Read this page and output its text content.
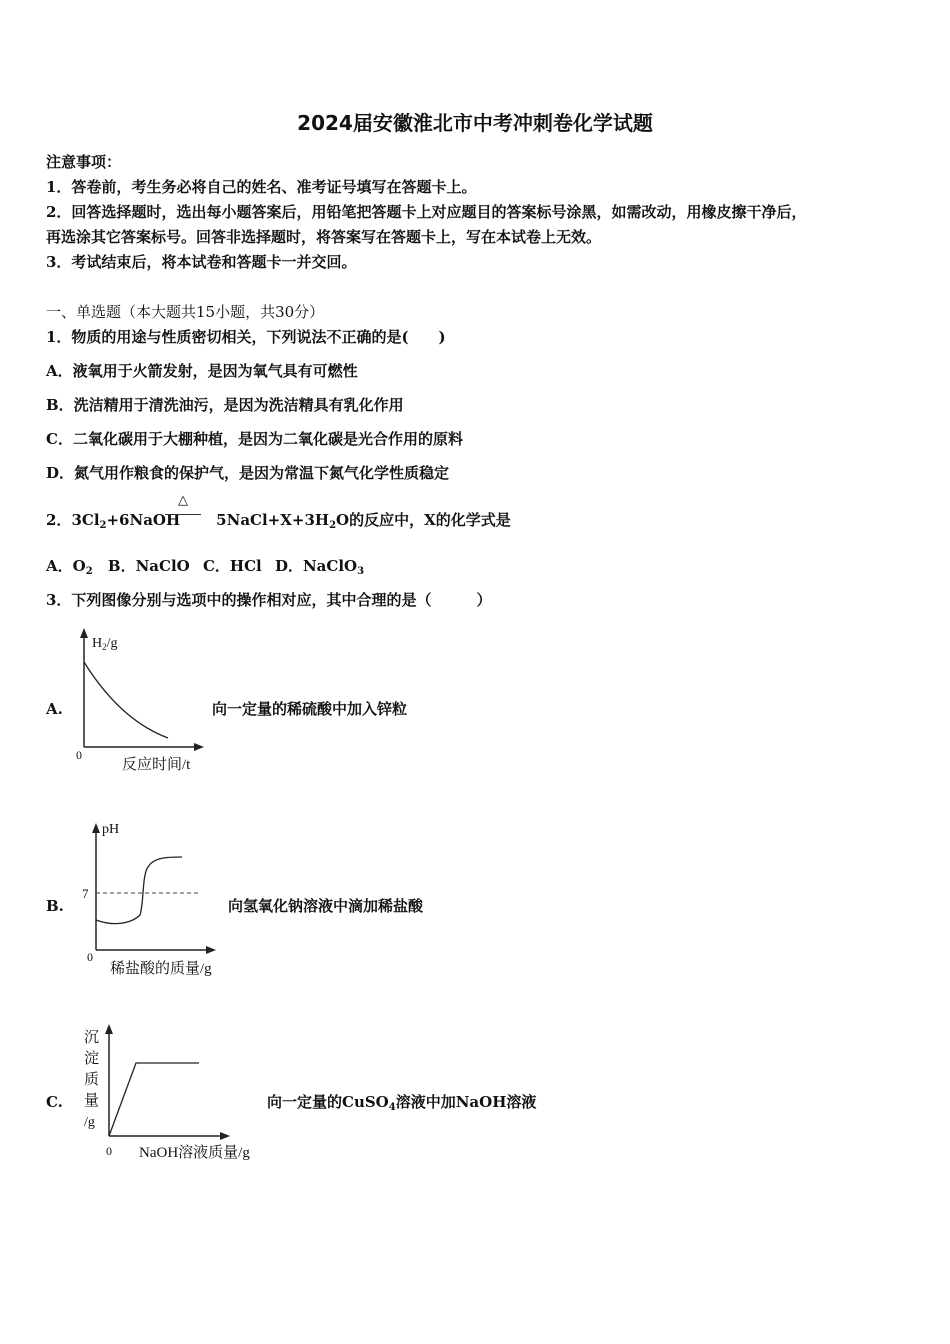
2024届安徽淮北市中考冲刺卷化学试题
注意事项：
1．答卷前，考生务必将自己的姓名、准考证号填写在答题卡上。
2．回答选择题时，选出每小题答案后，用铅笔把答题卡上对应题目的答案标号涂黑，如需改动，用橡皮擦干净后，
再选涂其它答案标号。回答非选择题时，将答案写在答题卡上，写在本试卷上无效。
3．考试结束后，将本试卷和答题卡一并交回。
一、单选题（本大题共15小题，共30分）
1．物质的用途与性质密切相关，下列说法不正确的是(　　)
A．液氧用于火箭发射，是因为氧气具有可燃性
B．洗洁精用于清洗油污，是因为洗洁精具有乳化作用
C．二氧化碳用于大棚种植，是因为二氧化碳是光合作用的原料
D．氮气用作粮食的保护气，是因为常温下氮气化学性质稳定
2．$3Cl_2+6NaOH$ $5NaCl+X+3H_2O$的反应中，X的化学式是
△
A．$O_2$ B．NaClO C．HCl D．NaClO$_3$
3．下列图像分别与选项中的操作相对应，其中合理的是（　　　）
A.
$H_2/g$
0
反应时间/t
向一定量的稀硫酸中加入锌粒
B.
pH
7
0
稀盐酸的质量/g
向氢氧化钠溶液中滴加稀盐酸
C.
沉
淀
质
量
/g
0 NaOH溶液质量/g
向一定量的CuSO$_4$溶液中加NaOH溶液
